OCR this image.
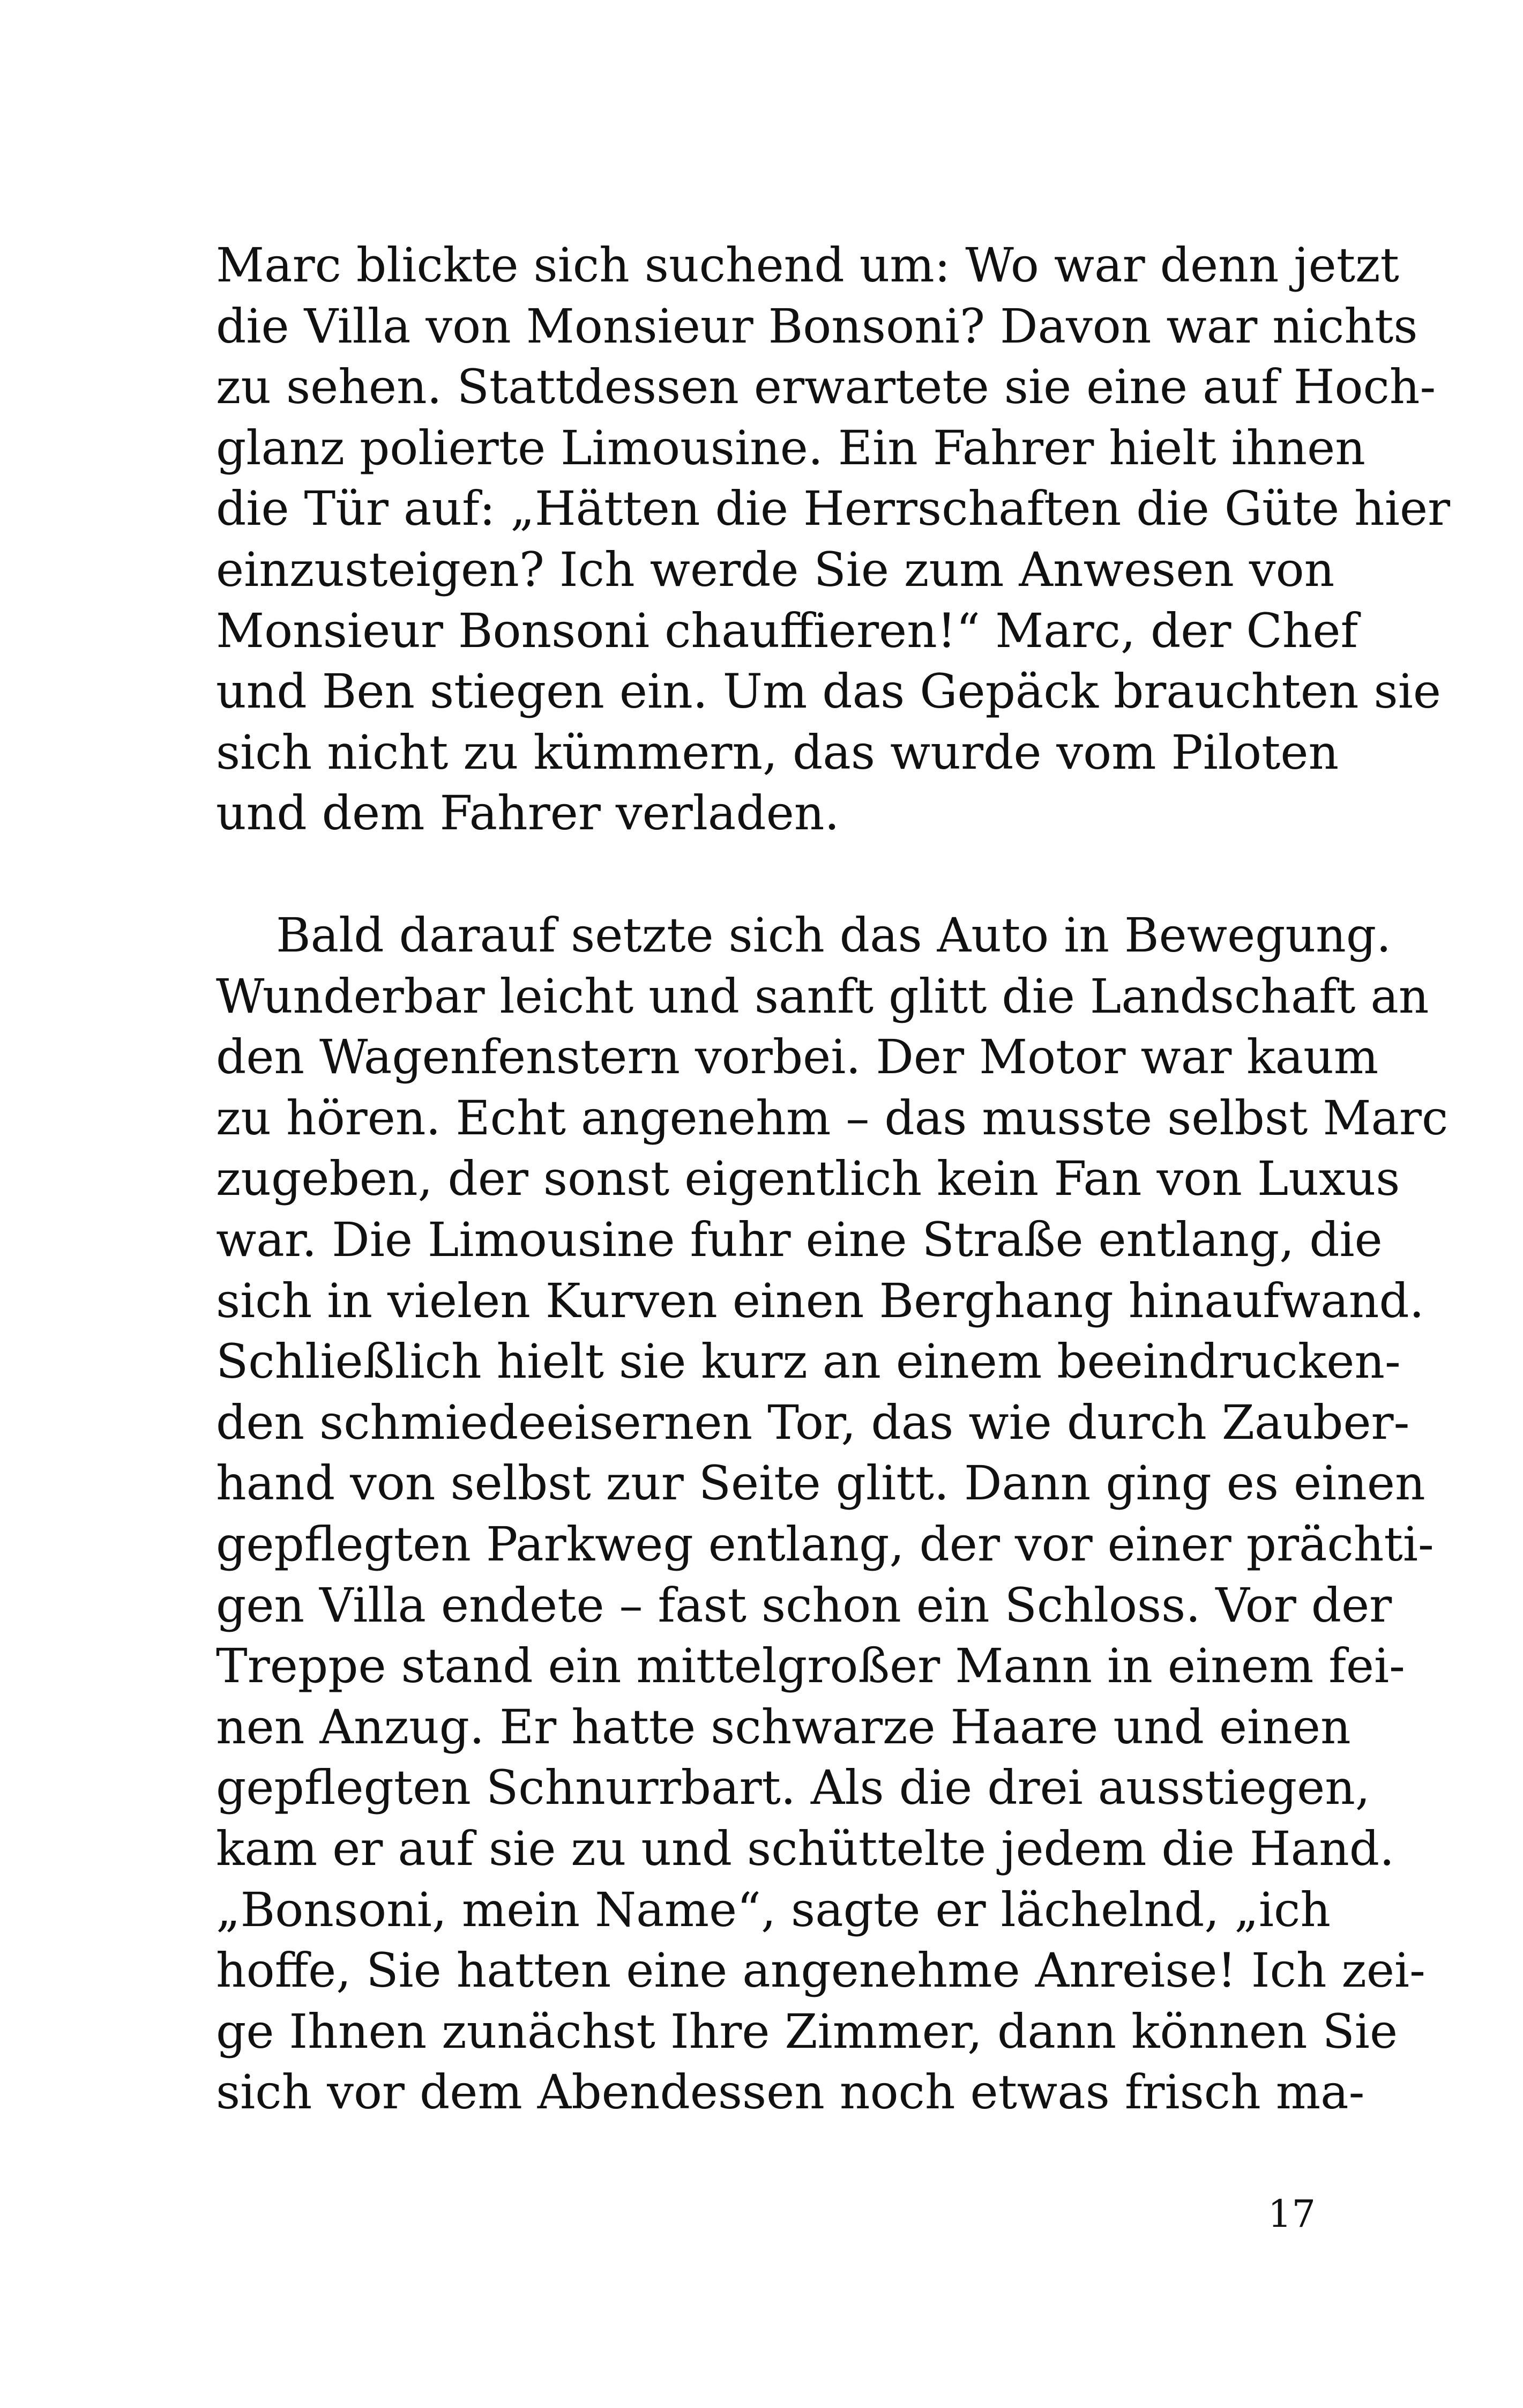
Marc blickte sich suchend um: Wo war denn jetzt
die Villa von Monsieur Bonsoni? Davon war nichts
zu sehen. Stattdessen erwartete sie eine auf Hoch-
glanz polierte Limousine. Ein Fahrer hielt ihnen
die Tür auf: „Hätten die Herrschaften die Güte hier
einzusteigen? Ich werde Sie zum Anwesen von
Monsieur Bonsoni chauffieren!“ Marc, der Chef
und Ben stiegen ein. Um das Gepäck brauchten sie
sich nicht zu kümmern, das wurde vom Piloten
und dem Fahrer verladen.
Bald darauf setzte sich das Auto in Bewegung.
Wunderbar leicht und sanft glitt die Landschaft an
den Wagenfenstern vorbei. Der Motor war kaum
zu hören. Echt angenehm – das musste selbst Marc
zugeben, der sonst eigentlich kein Fan von Luxus
war. Die Limousine fuhr eine Straße entlang, die
sich in vielen Kurven einen Berghang hinaufwand.
Schließlich hielt sie kurz an einem beeindrucken-
den schmiedeeisernen Tor, das wie durch Zauber-
hand von selbst zur Seite glitt. Dann ging es einen
gepflegten Parkweg entlang, der vor einer prächti-
gen Villa endete – fast schon ein Schloss. Vor der
Treppe stand ein mittelgroßer Mann in einem fei-
nen Anzug. Er hatte schwarze Haare und einen
gepflegten Schnurrbart. Als die drei ausstiegen,
kam er auf sie zu und schüttelte jedem die Hand.
„Bonsoni, mein Name“, sagte er lächelnd, „ich
hoffe, Sie hatten eine angenehme Anreise! Ich zei-
ge Ihnen zunächst Ihre Zimmer, dann können Sie
sich vor dem Abendessen noch etwas frisch ma-
17
